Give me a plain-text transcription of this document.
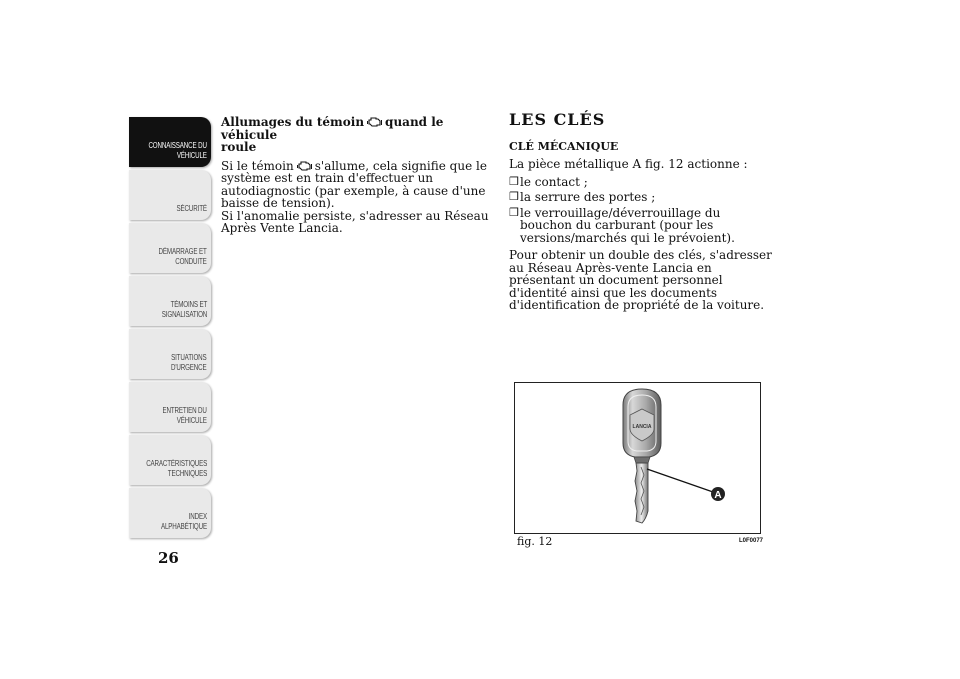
CONNAISSANCE DU
VÉHICULE
SÉCURITÉ
DÉMARRAGE ET
CONDUITE
TÉMOINS ET
SIGNALISATION
SITUATIONS
D'URGENCE
ENTRETIEN DU
VÉHICULE
CARACTÉRISTIQUES
TECHNIQUES
INDEX
ALPHABÉTIQUE
26

Allumages du témoin quand le véhicule
roule

Si le témoin s'allume, cela signifie que le système est en train d'effectuer un autodiagnostic (par exemple, à cause d'une baisse de tension).

Si l'anomalie persiste, s'adresser au Réseau Après Vente Lancia.

LES CLÉS
CLÉ MÉCANIQUE

La pièce métallique A fig. 12 actionne :

❒ le contact ;
❒ la serrure des portes ;
❒ le verrouillage/déverrouillage du bouchon du carburant (pour les versions/marchés qui le prévoient).

Pour obtenir un double des clés, s'adresser au Réseau Après-vente Lancia en présentant un document personnel d'identité ainsi que les documents d'identification de propriété de la voiture.

LANCIA
A
fig. 12	L0F0077
